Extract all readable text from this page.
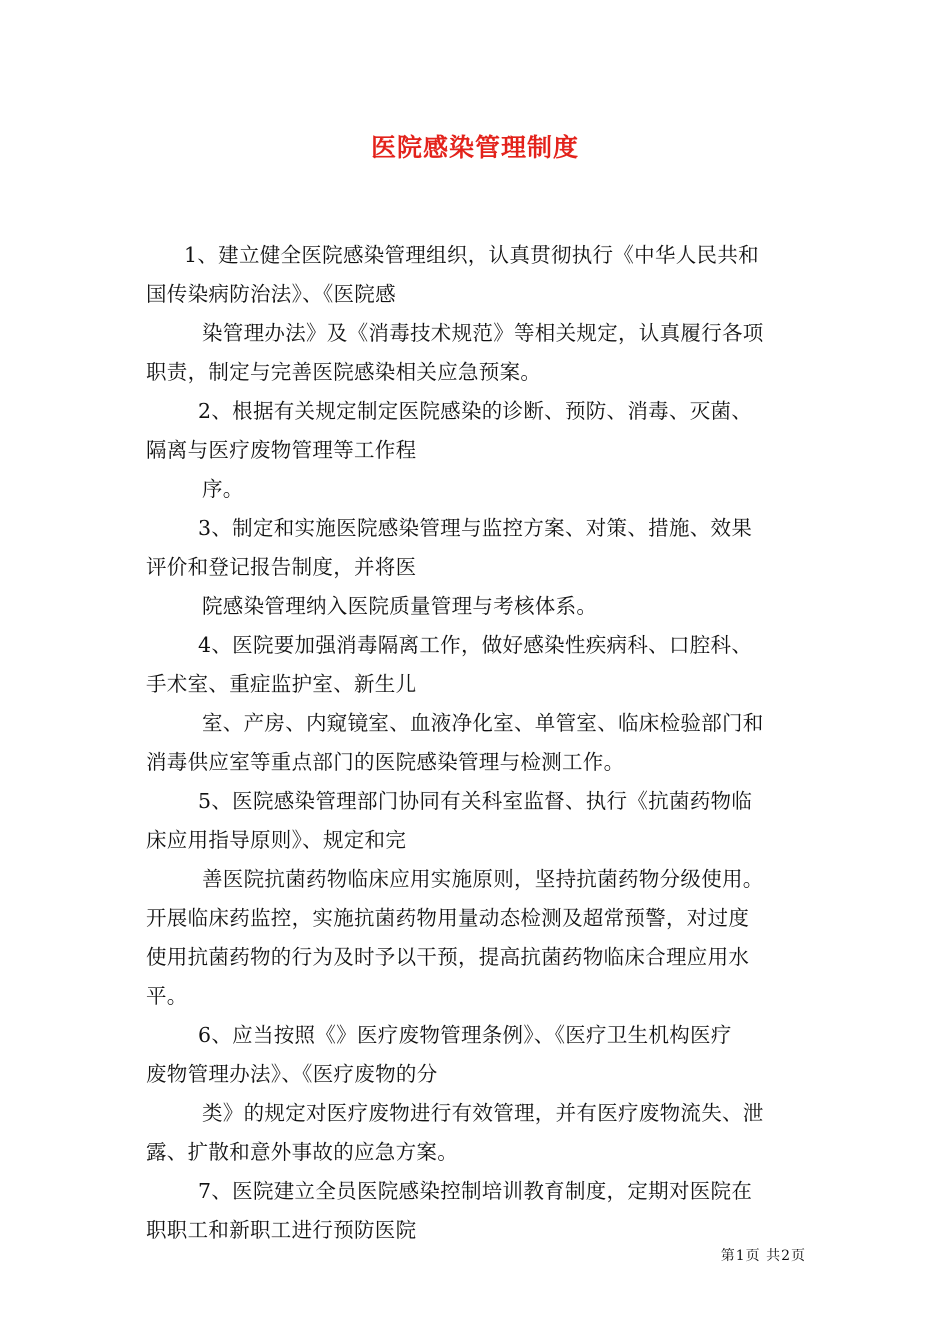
医院感染管理制度
1、建立健全医院感染管理组织，认真贯彻执行《中华人民共和
国传染病防治法》、《医院感
染管理办法》及《消毒技术规范》等相关规定，认真履行各项
职责，制定与完善医院感染相关应急预案。
2、根据有关规定制定医院感染的诊断、预防、消毒、灭菌、
隔离与医疗废物管理等工作程
序。
3、制定和实施医院感染管理与监控方案、对策、措施、效果
评价和登记报告制度，并将医
院感染管理纳入医院质量管理与考核体系。
4、医院要加强消毒隔离工作，做好感染性疾病科、口腔科、
手术室、重症监护室、新生儿
室、产房、内窥镜室、血液净化室、单管室、临床检验部门和
消毒供应室等重点部门的医院感染管理与检测工作。
5、医院感染管理部门协同有关科室监督、执行《抗菌药物临
床应用指导原则》、规定和完
善医院抗菌药物临床应用实施原则，坚持抗菌药物分级使用。
开展临床药监控，实施抗菌药物用量动态检测及超常预警，对过度
使用抗菌药物的行为及时予以干预，提高抗菌药物临床合理应用水
平。
6、应当按照《》医疗废物管理条例》、《医疗卫生机构医疗
废物管理办法》、《医疗废物的分
类》的规定对医疗废物进行有效管理，并有医疗废物流失、泄
露、扩散和意外事故的应急方案。
7、医院建立全员医院感染控制培训教育制度，定期对医院在
职职工和新职工进行预防医院
第1页 共2页
